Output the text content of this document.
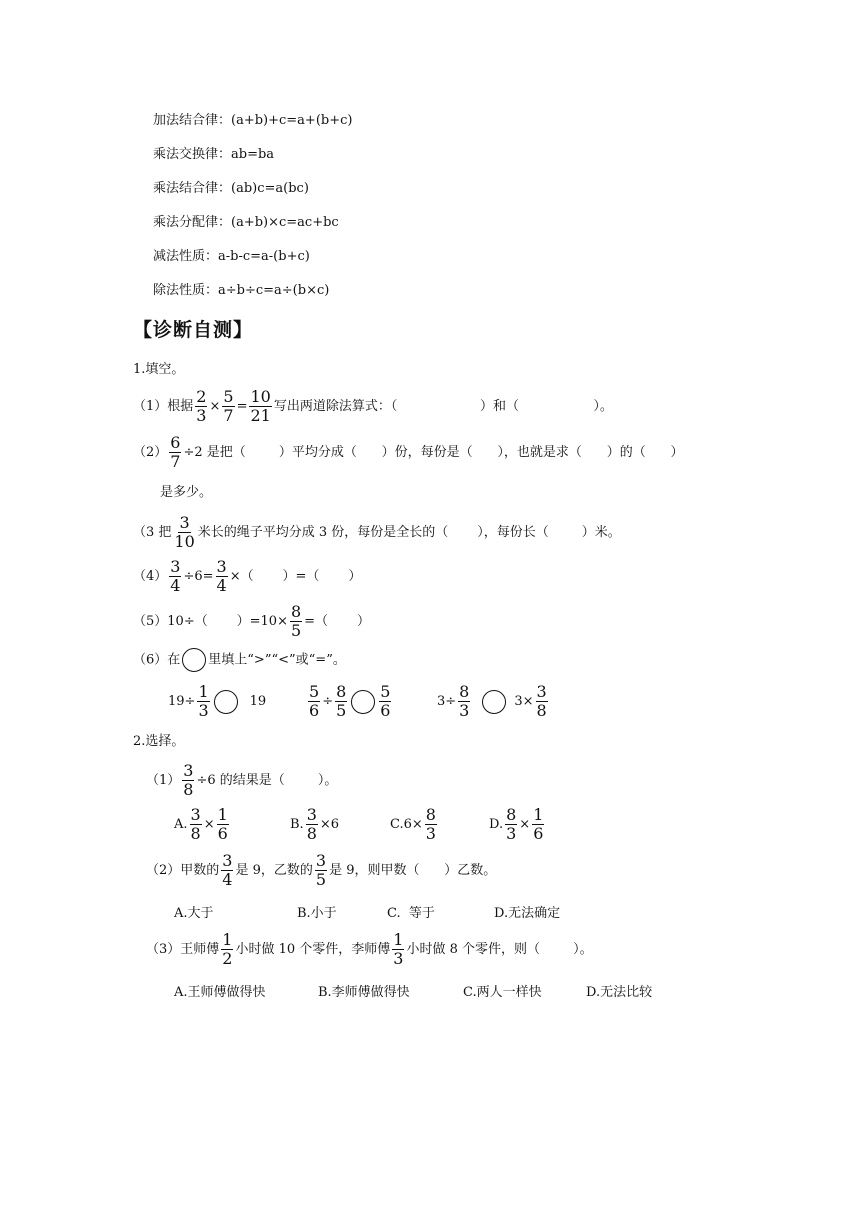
加法结合律：(a+b)+c=a+(b+c)
乘法交换律：ab=ba
乘法结合律：(ab)c=a(bc)
乘法分配律：(a+b)×c=ac+bc
减法性质：a-b-c=a-(b+c)
除法性质：a÷b÷c=a÷(b×c)
【诊断自测】
1.填空。
（1）根据 $\frac{2}{3} \times \frac{5}{7} = \frac{10}{21}$ 写出两道除法算式：（                    ）和（                  ）。
$(2) \frac{6}{7} \div 2$ 是把（        ）平均分成（      ）份，每份是（      ），也就是求（      ）的（      ）
是多少。
（3 把 $\frac{3}{10}$ 米长的绳子平均分成 3 份，每份是全长的（       ），每份长（        ）米。
$(4) \frac{3}{4} \div 6= \frac{3}{4}$ ×（       ）=（       ）
（5）10÷（       ）$=10\times \frac{8}{5}$ =（       ）
（6）在 里填上“>”“<”或“=”。
$19\div \frac{1}{3}$	19	$\frac{5}{6} \div \frac{8}{5} \frac{5}{6}$	$3\div \frac{8}{3}$	$3\times \frac{3}{8}$
2.选择。
$(1) \frac{3}{8} \div 6$ 的结果是（        ）。
A. $\frac{3}{8} \times \frac{1}{6}$	B. $\frac{3}{8} \times 6$	$C.6\times \frac{8}{3}$	D. $\frac{8}{3} \times \frac{1}{6}$
（2）甲数的 $\frac{3}{4}$ 是 9，乙数的 $\frac{3}{5}$ 是 9，则甲数（      ）乙数。
A.大于	B.小于	C.  等于	D.无法确定
（3）王师傅 $\frac{1}{2}$ 小时做 10 个零件，李师傅 $\frac{1}{3}$ 小时做 8 个零件，则（        ）。
A.王师傅做得快	B.李师傅做得快	C.两人一样快	D.无法比较
